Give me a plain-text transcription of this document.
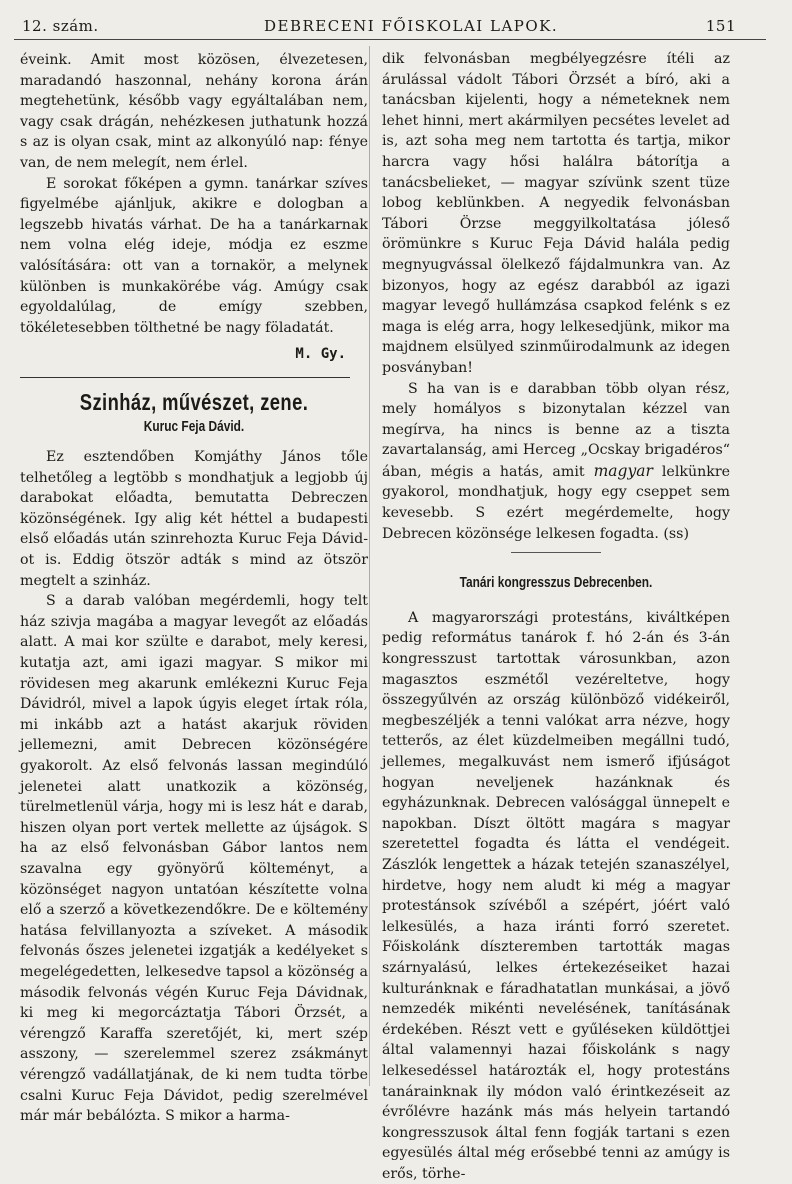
12. szám.	DEBRECENI FŐISKOLAI LAPOK.	151

éveink. Amit most közösen, élvezetesen, maradandó haszonnal, nehány korona árán megtehetünk, később vagy egyáltalában nem, vagy csak drágán, nehézkesen juthatunk hozzá s az is olyan csak, mint az alkonyúló nap: fénye van, de nem melegít, nem érlel.

E sorokat főképen a gymn. tanárkar szíves figyelmébe ajánljuk, akikre e dologban a legszebb hivatás várhat. De ha a tanárkarnak nem volna elég ideje, módja ez eszme valósítására: ott van a tornakör, a melynek különben is munkakörébe vág. Amúgy csak egyoldalúlag, de emígy szebben, tökéletesebben tölthetné be nagy föladatát.

M. Gy.

Szinház, művészet, zene.
Kuruc Feja Dávid.

Ez esztendőben Komjáthy János tőle telhetőleg a legtöbb s mondhatjuk a legjobb új darabokat előadta, bemutatta Debreczen közönségének. Igy alig két héttel a budapesti első előadás után szinrehozta Kuruc Feja Dávid-ot is. Eddig ötször adták s mind az ötször megtelt a szinház.

S a darab valóban megérdemli, hogy telt ház szivja magába a magyar levegőt az előadás alatt. A mai kor szülte e darabot, mely keresi, kutatja azt, ami igazi magyar. S mikor mi rövidesen meg akarunk emlékezni Kuruc Feja Dávidról, mivel a lapok úgyis eleget írtak róla, mi inkább azt a hatást akarjuk röviden jellemezni, amit Debrecen közönségére gyakorolt. Az első felvonás lassan megindúló jelenetei alatt unatkozik a közönség, türelmetlenül várja, hogy mi is lesz hát e darab, hiszen olyan port vertek mellette az újságok. S ha az első felvonásban Gábor lantos nem szavalna egy gyönyörű költeményt, a közönséget nagyon untatóan készítette volna elő a szerző a következendőkre. De e költemény hatása felvillanyozta a szíveket. A második felvonás őszes jelenetei izgatják a kedélyeket s megelégedetten, lelkesedve tapsol a közönség a második felvonás végén Kuruc Feja Dávidnak, ki meg ki megorcáztatja Tábori Örzsét, a vérengző Karaffa szeretőjét, ki, mert szép asszony, — szerelemmel szerez zsákmányt vérengző vadállatjának, de ki nem tudta törbe csalni Kuruc Feja Dávidot, pedig szerelmével már már bebálózta. S mikor a harma-

dik felvonásban megbélyegzésre ítéli az árulással vádolt Tábori Örzsét a bíró, aki a tanácsban kijelenti, hogy a németeknek nem lehet hinni, mert akármilyen pecsétes levelet ad is, azt soha meg nem tartotta és tartja, mikor harcra vagy hősi halálra bátorítja a tanácsbelieket, — magyar szívünk szent tüze lobog keblünkben. A negyedik felvonásban Tábori Örzse meggyilkoltatása jóleső örömünkre s Kuruc Feja Dávid halála pedig megnyugvással ölelkező fájdalmunkra van. Az bizonyos, hogy az egész darabból az igazi magyar levegő hullámzása csapkod felénk s ez maga is elég arra, hogy lelkesedjünk, mikor ma majdnem elsülyed szinműirodalmunk az idegen posványban!

S ha van is e darabban több olyan rész, mely homályos s bizonytalan kézzel van megírva, ha nincs is benne az a tiszta zavartalanság, ami Herceg „Ocskay brigadéros“ ában, mégis a hatás, amit magyar lelkünkre gyakorol, mondhatjuk, hogy egy cseppet sem kevesebb. S ezért megérdemelte, hogy Debrecen közönsége lelkesen fogadta. (ss)

Tanári kongresszus Debrecenben.

A magyarországi protestáns, kiváltképen pedig református tanárok f. hó 2-án és 3-án kongresszust tartottak városunkban, azon magasztos eszmétől vezéreltetve, hogy összegyűlvén az ország különböző vidékeiről, megbeszéljék a tenni valókat arra nézve, hogy tetterős, az élet küzdelmeiben megállni tudó, jellemes, megalkuvást nem ismerő ifjúságot hogyan neveljenek hazánknak és egyházunknak. Debrecen valósággal ünnepelt e napokban. Díszt öltött magára s magyar szeretettel fogadta és látta el vendégeit. Zászlók lengettek a házak tetején szanaszélyel, hirdetve, hogy nem aludt ki még a magyar protestánsok szívéből a szépért, jóért való lelkesülés, a haza iránti forró szeretet. Főiskolánk díszteremben tartották magas szárnyalású, lelkes értekezéseiket hazai kulturánknak e fáradhatatlan munkásai, a jövő nemzedék mikénti nevelésének, tanításának érdekében. Részt vett e gyűléseken küldöttjei által valamennyi hazai főiskolánk s nagy lelkesedéssel határozták el, hogy protestáns tanárainknak ily módon való érintkezéseit az évrőlévre hazánk más más helyein tartandó kongresszusok által fenn fogják tartani s ezen egyesülés által még erősebbé tenni az amúgy is erős, törhe-
